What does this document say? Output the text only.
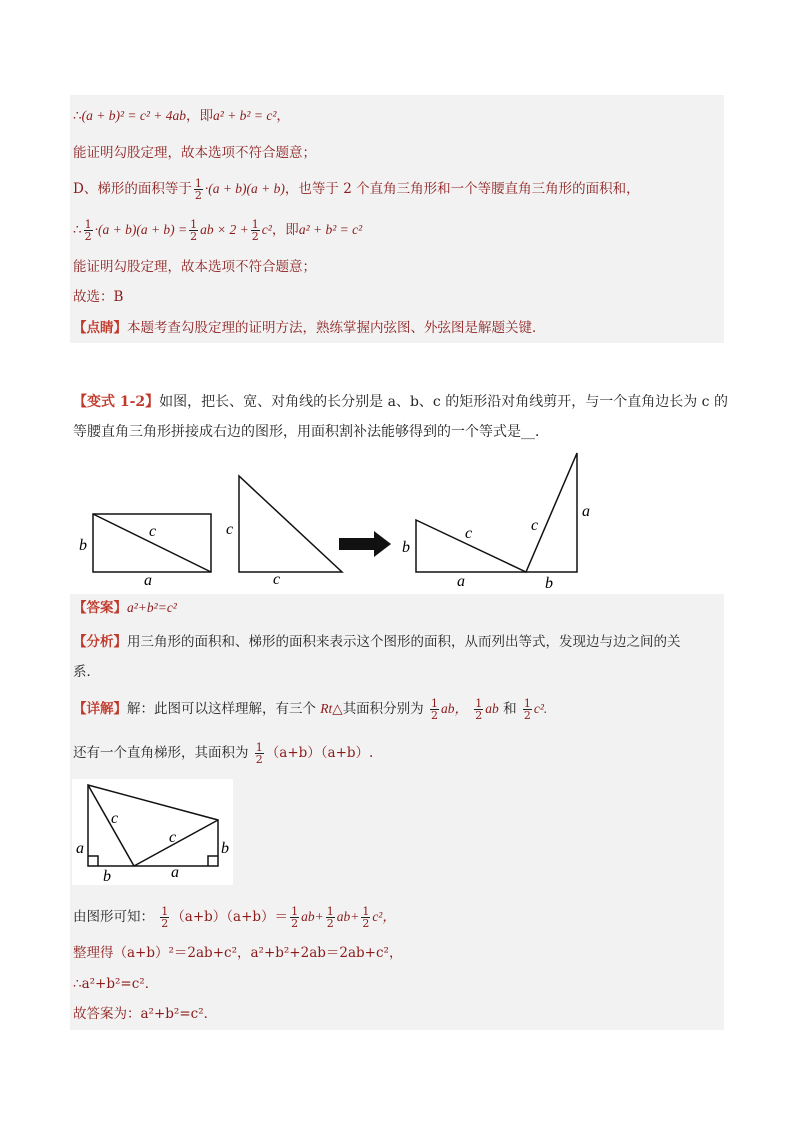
∴(a + b)² = c² + 4ab，即a² + b² = c²，
能证明勾股定理，故本选项不符合题意；
D、梯形的面积等于 $\frac{1}{2} \cdot(a + b)(a + b)$，也等于 2 个直角三角形和一个等腰直角三角形的面积和，
∴ $\frac{1}{2} \cdot(a + b)(a + b) = \frac{1}{2}$ ab × $2 + \frac{1}{2} c^2$，即a² + b² = c²
能证明勾股定理，故本选项不符合题意；
故选：B
【点睛】本题考查勾股定理的证明方法，熟练掌握内弦图、外弦图是解题关键．
【变式 1-2】如图，把长、宽、对角线的长分别是 a、b、c 的矩形沿对角线剪开，与一个直角边长为 c 的
等腰直角三角形拼接成右边的图形，用面积割补法能够得到的一个等式是__．
b
c
a
c
c
b
c
a
c
a
b
【答案】a²+b²=c²
【分析】用三角形的面积和、梯形的面积来表示这个图形的面积，从而列出等式，发现边与边之间的关
系．
【详解】解：此图可以这样理解，有三个 Rt△其面积分别为 $\frac{1}{2}$ ab， $\frac{1}{2}$ ab 和 $\frac{1}{2} c^2$.
还有一个直角梯形，其面积为 $\frac{1}{2} (a+b)(a+b)$.
a
c
c
b
b	a
由图形可知： $\frac{1}{2} (a+b)(a+b)= \frac{1}{2} ab+ \frac{1}{2} ab+ \frac{1}{2} c^2$，
整理得（a+b）²＝2ab+c²，a²+b²+2ab＝2ab+c²，
∴a²+b²=c²．
故答案为：a²+b²=c²．
